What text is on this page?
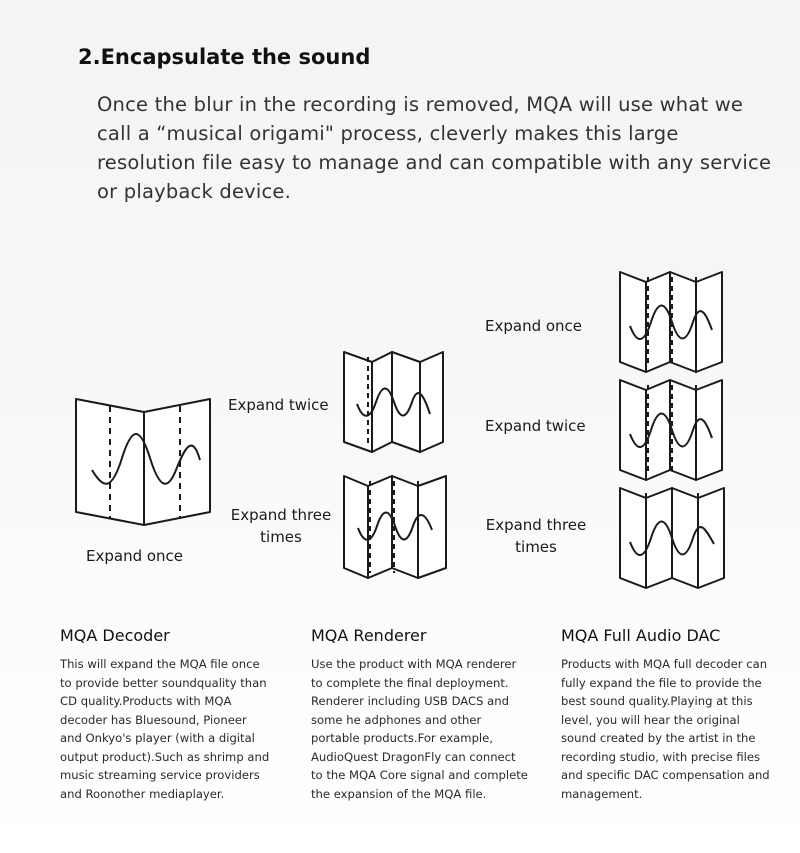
2.Encapsulate the sound

Once the blur in the recording is removed, MQA will use what we call a “musical origami" process, cleverly makes this large resolution file easy to manage and can compatible with any service or playback device.

Expand once
Expand twice
Expand three
times
Expand once
Expand twice
Expand three
times
MQA Decoder

This will expand the MQA file once to provide better soundquality than CD quality.Products with MQA decoder has Bluesound, Pioneer and Onkyo's player (with a digital output product).Such as shrimp and music streaming service providers and Roonother mediaplayer.

MQA Renderer

Use the product with MQA renderer to complete the final deployment. Renderer including USB DACS and some he adphones and other portable products.For example, AudioQuest DragonFly can connect to the MQA Core signal and complete the expansion of the MQA file.

MQA Full Audio DAC

Products with MQA full decoder can fully expand the file to provide the best sound quality.Playing at this level, you will hear the original sound created by the artist in the recording studio, with precise files and specific DAC compensation and management.
